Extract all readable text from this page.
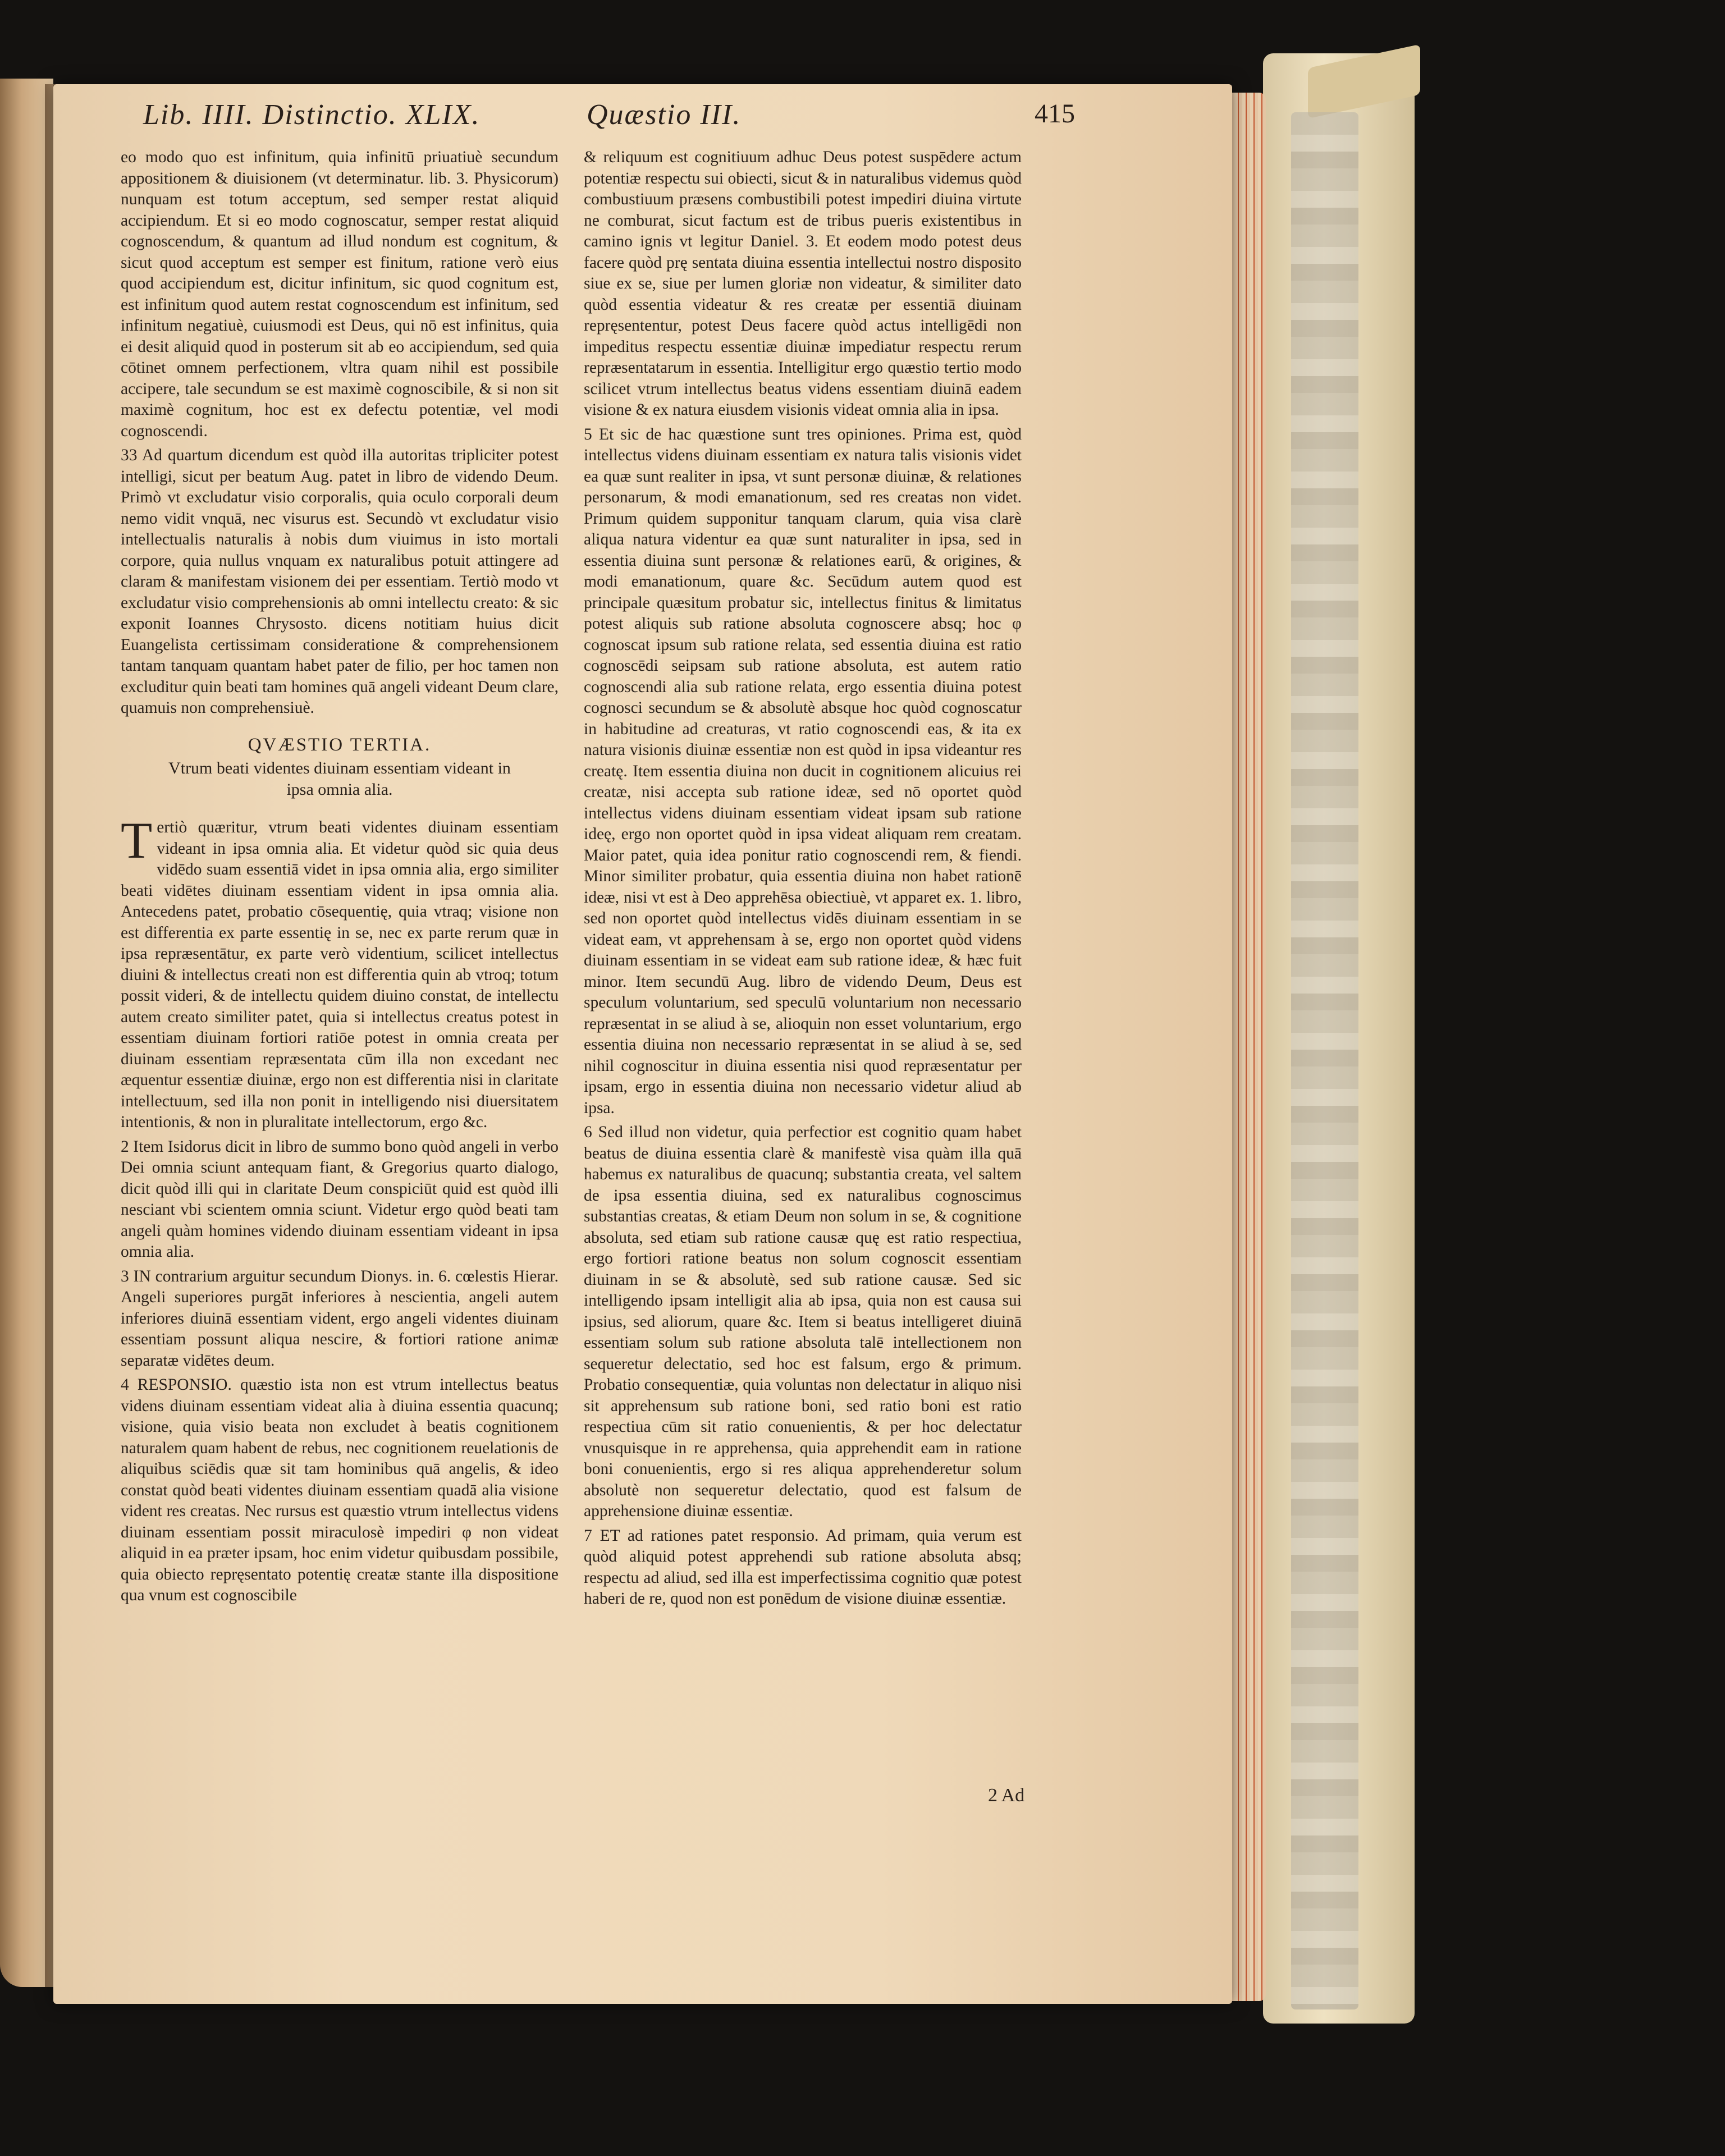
Lib. IIII. Distinctio. XLIX.	Quæstio III.	415

eo modo quo est infinitum, quia infinitū priuatiuè secundum appositionem & diuisionem (vt determinatur. lib. 3. Physicorum) nunquam est totum acceptum, sed semper restat aliquid accipiendum. Et si eo modo cognoscatur, semper restat aliquid cognoscendum, & quantum ad illud nondum est cognitum, & sicut quod acceptum est semper est finitum, ratione verò eius quod accipiendum est, dicitur infinitum, sic quod cognitum est, est infinitum quod autem restat cognoscendum est infinitum, sed infinitum negatiuè, cuiusmodi est Deus, qui nō est infinitus, quia ei desit aliquid quod in posterum sit ab eo accipiendum, sed quia cōtinet omnem perfectionem, vltra quam nihil est possibile accipere, tale secundum se est maximè cognoscibile, & si non sit maximè cognitum, hoc est ex defectu potentiæ, vel modi cognoscendi.

33 Ad quartum dicendum est quòd illa autoritas tripliciter potest intelligi, sicut per beatum Aug. patet in libro de videndo Deum. Primò vt excludatur visio corporalis, quia oculo corporali deum nemo vidit vnquā, nec visurus est. Secundò vt excludatur visio intellectualis naturalis à nobis dum viuimus in isto mortali corpore, quia nullus vnquam ex naturalibus potuit attingere ad claram & manifestam visionem dei per essentiam. Tertiò modo vt excludatur visio comprehensionis ab omni intellectu creato: & sic exponit Ioannes Chrysosto. dicens notitiam huius dicit Euangelista certissimam consideratione & comprehensionem tantam tanquam quantam habet pater de filio, per hoc tamen non excluditur quin beati tam homines quā angeli videant Deum clare, quamuis non comprehensiuè.

QVÆSTIO TERTIA.
Vtrum beati videntes diuinam essentiam videant in ipsa omnia alia.

Tertiò quæritur, vtrum beati videntes diuinam essentiam videant in ipsa omnia alia. Et videtur quòd sic quia deus vidēdo suam essentiā videt in ipsa omnia alia, ergo similiter beati vidētes diuinam essentiam vident in ipsa omnia alia. Antecedens patet, probatio cōsequentię, quia vtraq; visione non est differentia ex parte essentię in se, nec ex parte rerum quæ in ipsa repræsentātur, ex parte verò videntium, scilicet intellectus diuini & intellectus creati non est differentia quin ab vtroq; totum possit videri, & de intellectu quidem diuino constat, de intellectu autem creato similiter patet, quia si intellectus creatus potest in essentiam diuinam fortiori ratiōe potest in omnia creata per diuinam essentiam repræsentata cūm illa non excedant nec æquentur essentiæ diuinæ, ergo non est differentia nisi in claritate intellectuum, sed illa non ponit in intelligendo nisi diuersitatem intentionis, & non in pluralitate intellectorum, ergo &c.

2 Item Isidorus dicit in libro de summo bono quòd angeli in verbo Dei omnia sciunt antequam fiant, & Gregorius quarto dialogo, dicit quòd illi qui in claritate Deum conspiciūt quid est quòd illi nesciant vbi scientem omnia sciunt. Videtur ergo quòd beati tam angeli quàm homines videndo diuinam essentiam videant in ipsa omnia alia.

3 IN contrarium arguitur secundum Dionys. in. 6. cœlestis Hierar. Angeli superiores purgāt inferiores à nescientia, angeli autem inferiores diuinā essentiam vident, ergo angeli videntes diuinam essentiam possunt aliqua nescire, & fortiori ratione animæ separatæ vidētes deum.

4 RESPONSIO. quæstio ista non est vtrum intellectus beatus videns diuinam essentiam videat alia à diuina essentia quacunq; visione, quia visio beata non excludet à beatis cognitionem naturalem quam habent de rebus, nec cognitionem reuelationis de aliquibus sciēdis quæ sit tam hominibus quā angelis, & ideo constat quòd beati videntes diuinam essentiam quadā alia visione vident res creatas. Nec rursus est quæstio vtrum intellectus videns diuinam essentiam possit miraculosè impediri φ non videat aliquid in ea præter ipsam, hoc enim videtur quibusdam possibile, quia obiecto repręsentato potentię creatæ stante illa dispositione qua vnum est cognoscibile

& reliquum est cognitiuum adhuc Deus potest suspēdere actum potentiæ respectu sui obiecti, sicut & in naturalibus videmus quòd combustiuum præsens combustibili potest impediri diuina virtute ne comburat, sicut factum est de tribus pueris existentibus in camino ignis vt legitur Daniel. 3. Et eodem modo potest deus facere quòd prę sentata diuina essentia intellectui nostro disposito siue ex se, siue per lumen gloriæ non videatur, & similiter dato quòd essentia videatur & res creatæ per essentiā diuinam repręsententur, potest Deus facere quòd actus intelligēdi non impeditus respectu essentiæ diuinæ impediatur respectu rerum repræsentatarum in essentia. Intelligitur ergo quæstio tertio modo scilicet vtrum intellectus beatus videns essentiam diuinā eadem visione & ex natura eiusdem visionis videat omnia alia in ipsa.

5 Et sic de hac quæstione sunt tres opiniones. Prima est, quòd intellectus videns diuinam essentiam ex natura talis visionis videt ea quæ sunt realiter in ipsa, vt sunt personæ diuinæ, & relationes personarum, & modi emanationum, sed res creatas non videt. Primum quidem supponitur tanquam clarum, quia visa clarè aliqua natura videntur ea quæ sunt naturaliter in ipsa, sed in essentia diuina sunt personæ & relationes earū, & origines, & modi emanationum, quare &c. Secūdum autem quod est principale quæsitum probatur sic, intellectus finitus & limitatus potest aliquis sub ratione absoluta cognoscere absq; hoc φ cognoscat ipsum sub ratione relata, sed essentia diuina est ratio cognoscēdi seipsam sub ratione absoluta, est autem ratio cognoscendi alia sub ratione relata, ergo essentia diuina potest cognosci secundum se & absolutè absque hoc quòd cognoscatur in habitudine ad creaturas, vt ratio cognoscendi eas, & ita ex natura visionis diuinæ essentiæ non est quòd in ipsa videantur res creatę. Item essentia diuina non ducit in cognitionem alicuius rei creatæ, nisi accepta sub ratione ideæ, sed nō oportet quòd intellectus videns diuinam essentiam videat ipsam sub ratione ideę, ergo non oportet quòd in ipsa videat aliquam rem creatam. Maior patet, quia idea ponitur ratio cognoscendi rem, & fiendi. Minor similiter probatur, quia essentia diuina non habet rationē ideæ, nisi vt est à Deo apprehēsa obiectiuè, vt apparet ex. 1. libro, sed non oportet quòd intellectus vidēs diuinam essentiam in se videat eam, vt apprehensam à se, ergo non oportet quòd videns diuinam essentiam in se videat eam sub ratione ideæ, & hæc fuit minor. Item secundū Aug. libro de videndo Deum, Deus est speculum voluntarium, sed speculū voluntarium non necessario repræsentat in se aliud à se, alioquin non esset voluntarium, ergo essentia diuina non necessario repræsentat in se aliud à se, sed nihil cognoscitur in diuina essentia nisi quod repræsentatur per ipsam, ergo in essentia diuina non necessario videtur aliud ab ipsa.

6 Sed illud non videtur, quia perfectior est cognitio quam habet beatus de diuina essentia clarè & manifestè visa quàm illa quā habemus ex naturalibus de quacunq; substantia creata, vel saltem de ipsa essentia diuina, sed ex naturalibus cognoscimus substantias creatas, & etiam Deum non solum in se, & cognitione absoluta, sed etiam sub ratione causæ quę est ratio respectiua, ergo fortiori ratione beatus non solum cognoscit essentiam diuinam in se & absolutè, sed sub ratione causæ. Sed sic intelligendo ipsam intelligit alia ab ipsa, quia non est causa sui ipsius, sed aliorum, quare &c. Item si beatus intelligeret diuinā essentiam solum sub ratione absoluta talē intellectionem non sequeretur delectatio, sed hoc est falsum, ergo & primum. Probatio consequentiæ, quia voluntas non delectatur in aliquo nisi sit apprehensum sub ratione boni, sed ratio boni est ratio respectiua cūm sit ratio conuenientis, & per hoc delectatur vnusquisque in re apprehensa, quia apprehendit eam in ratione boni conuenientis, ergo si res aliqua apprehenderetur solum absolutè non sequeretur delectatio, quod est falsum de apprehensione diuinæ essentiæ.

7 ET ad rationes patet responsio. Ad primam, quia verum est quòd aliquid potest apprehendi sub ratione absoluta absq; respectu ad aliud, sed illa est imperfectissima cognitio quæ potest haberi de re, quod non est ponēdum de visione diuinæ essentiæ.

2 Ad
